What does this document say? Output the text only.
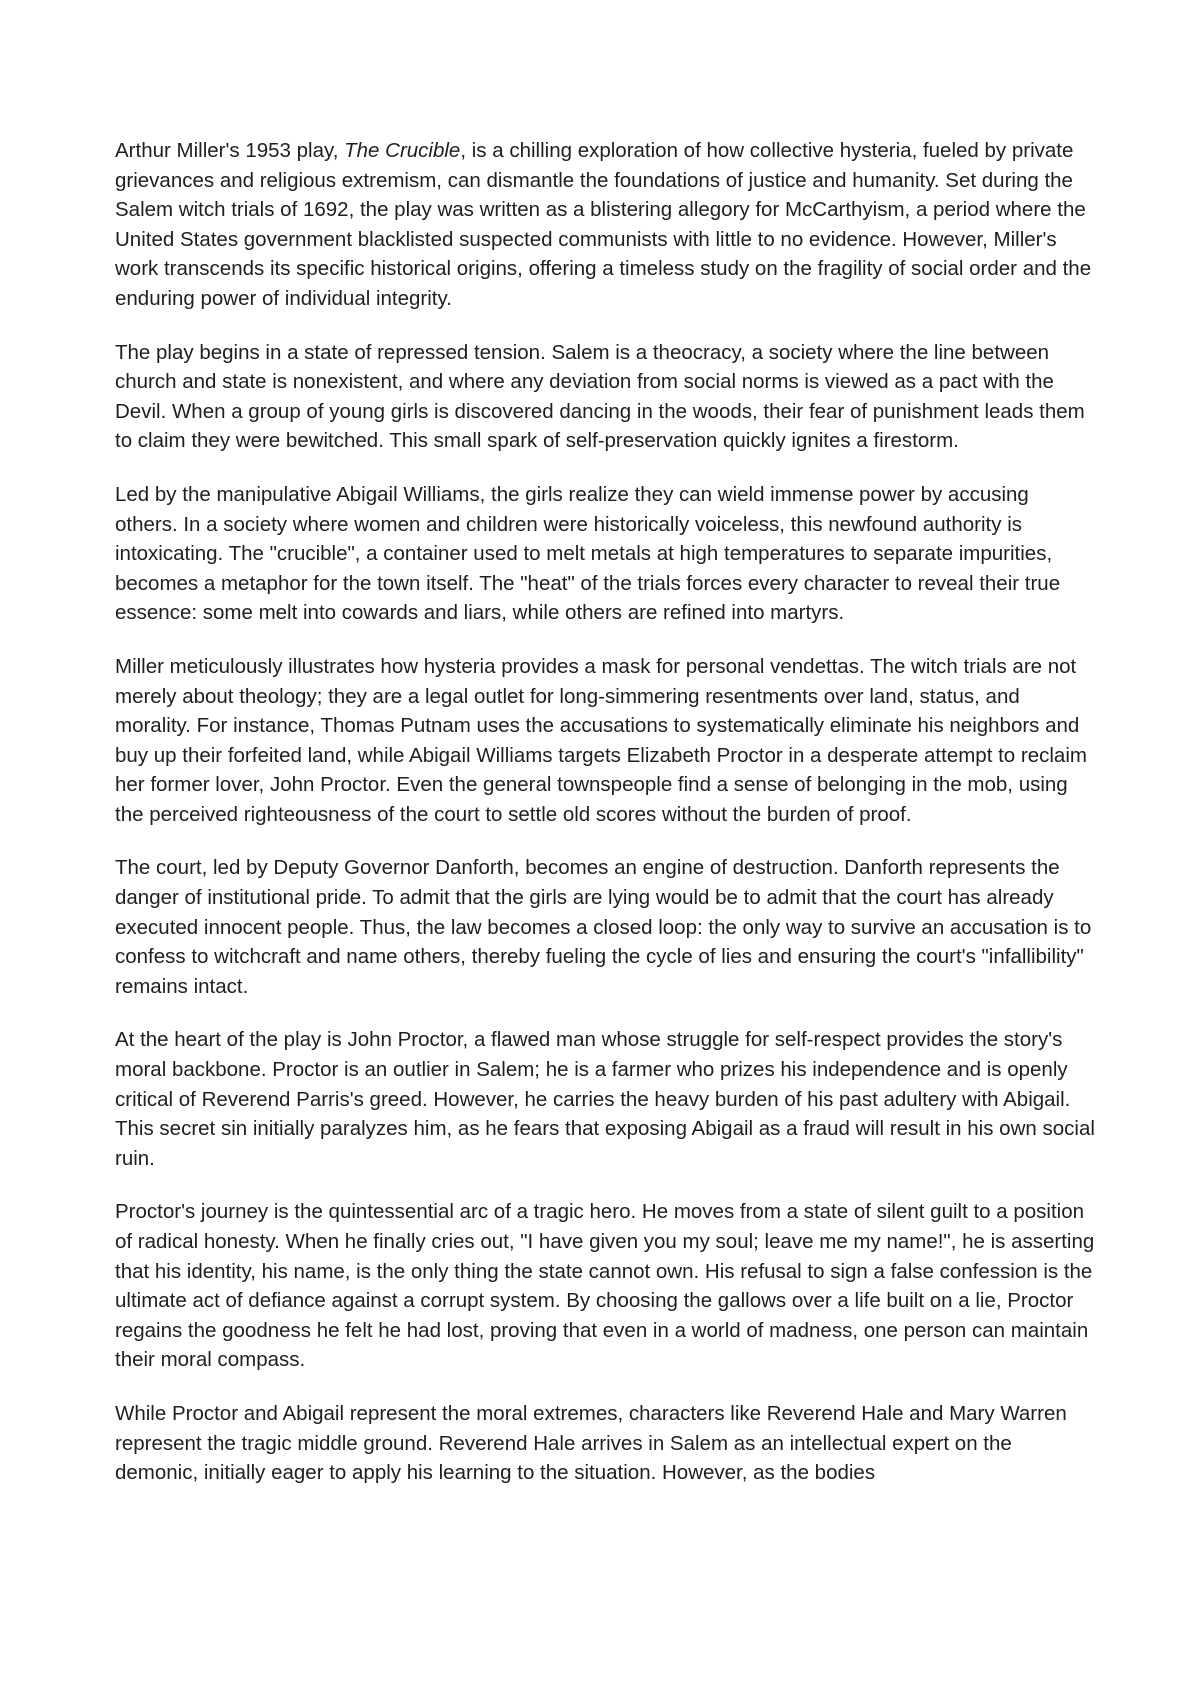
Arthur Miller's 1953 play, The Crucible, is a chilling exploration of how collective hysteria, fueled by private grievances and religious extremism, can dismantle the foundations of justice and humanity. Set during the Salem witch trials of 1692, the play was written as a blistering allegory for McCarthyism, a period where the United States government blacklisted suspected communists with little to no evidence. However, Miller's work transcends its specific historical origins, offering a timeless study on the fragility of social order and the enduring power of individual integrity.

The play begins in a state of repressed tension. Salem is a theocracy, a society where the line between church and state is nonexistent, and where any deviation from social norms is viewed as a pact with the Devil. When a group of young girls is discovered dancing in the woods, their fear of punishment leads them to claim they were bewitched. This small spark of self-preservation quickly ignites a firestorm.

Led by the manipulative Abigail Williams, the girls realize they can wield immense power by accusing others. In a society where women and children were historically voiceless, this newfound authority is intoxicating. The "crucible", a container used to melt metals at high temperatures to separate impurities, becomes a metaphor for the town itself. The "heat" of the trials forces every character to reveal their true essence: some melt into cowards and liars, while others are refined into martyrs.

Miller meticulously illustrates how hysteria provides a mask for personal vendettas. The witch trials are not merely about theology; they are a legal outlet for long-simmering resentments over land, status, and morality. For instance, Thomas Putnam uses the accusations to systematically eliminate his neighbors and buy up their forfeited land, while Abigail Williams targets Elizabeth Proctor in a desperate attempt to reclaim her former lover, John Proctor. Even the general townspeople find a sense of belonging in the mob, using the perceived righteousness of the court to settle old scores without the burden of proof.

The court, led by Deputy Governor Danforth, becomes an engine of destruction. Danforth represents the danger of institutional pride. To admit that the girls are lying would be to admit that the court has already executed innocent people. Thus, the law becomes a closed loop: the only way to survive an accusation is to confess to witchcraft and name others, thereby fueling the cycle of lies and ensuring the court's "infallibility" remains intact.

At the heart of the play is John Proctor, a flawed man whose struggle for self-respect provides the story's moral backbone. Proctor is an outlier in Salem; he is a farmer who prizes his independence and is openly critical of Reverend Parris's greed. However, he carries the heavy burden of his past adultery with Abigail. This secret sin initially paralyzes him, as he fears that exposing Abigail as a fraud will result in his own social ruin.

Proctor's journey is the quintessential arc of a tragic hero. He moves from a state of silent guilt to a position of radical honesty. When he finally cries out, "I have given you my soul; leave me my name!", he is asserting that his identity, his name, is the only thing the state cannot own. His refusal to sign a false confession is the ultimate act of defiance against a corrupt system. By choosing the gallows over a life built on a lie, Proctor regains the goodness he felt he had lost, proving that even in a world of madness, one person can maintain their moral compass.

While Proctor and Abigail represent the moral extremes, characters like Reverend Hale and Mary Warren represent the tragic middle ground. Reverend Hale arrives in Salem as an intellectual expert on the demonic, initially eager to apply his learning to the situation. However, as the bodies
